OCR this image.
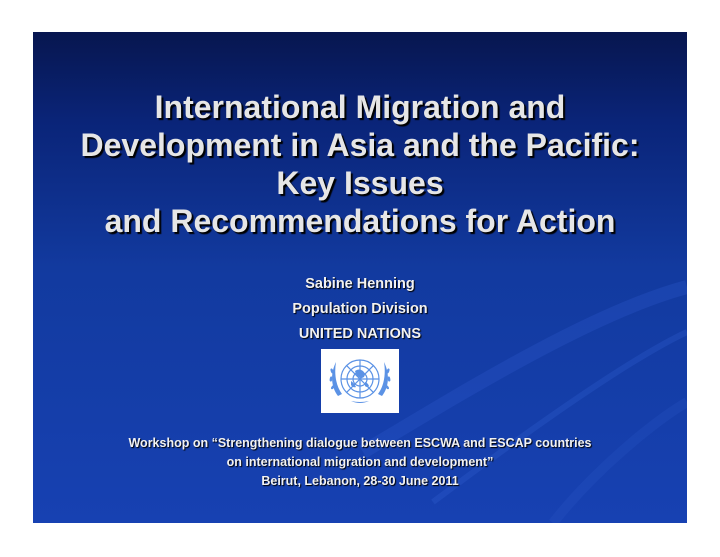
International Migration and
Development in Asia and the Pacific:
Key Issues
and Recommendations for Action
Sabine Henning
Population Division
UNITED NATIONS
Workshop on “Strengthening dialogue between ESCWA and ESCAP countries
on international migration and development”
Beirut, Lebanon, 28-30 June 2011
